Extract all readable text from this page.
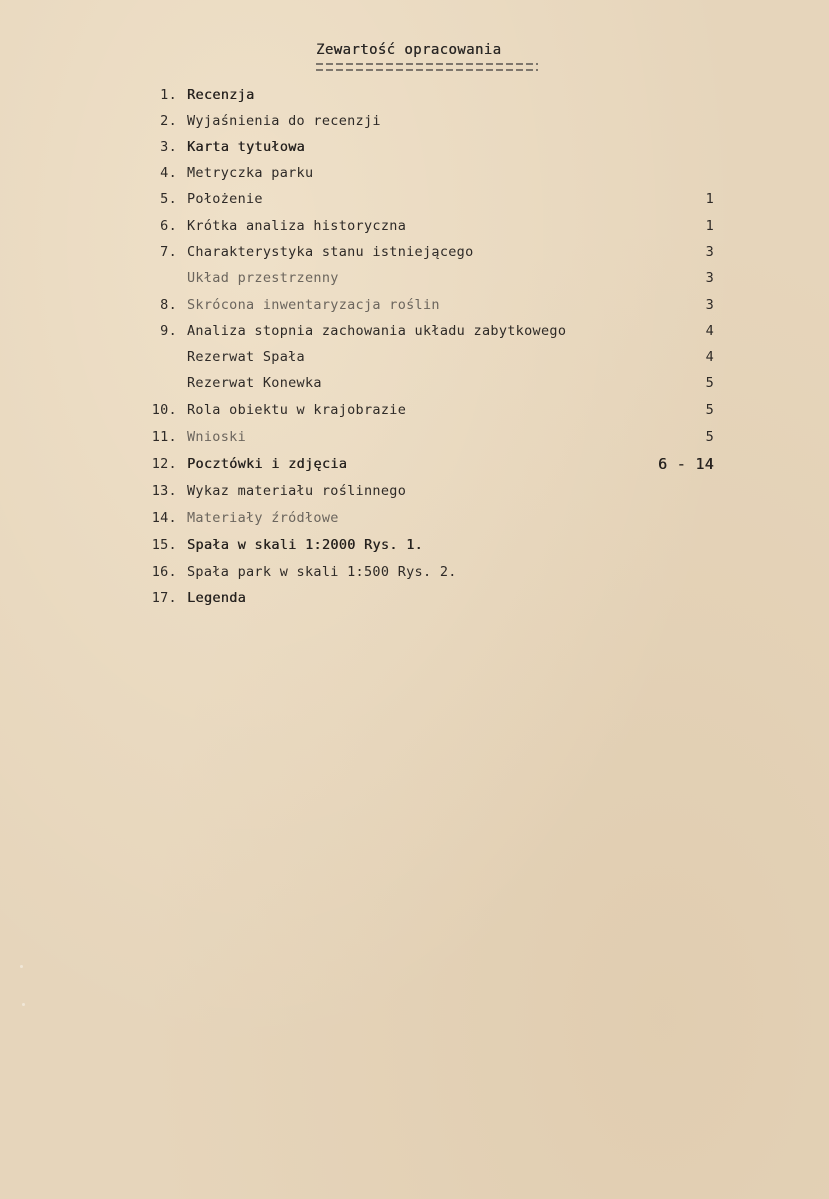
Zewartość opracowania
1. Recenzja
2. Wyjaśnienia do recenzji
3. Karta tytułowa
4. Metryczka parku
5. Położenie	1
6. Krótka analiza historyczna	1
7. Charakterystyka stanu istniejącego	3
Układ przestrzenny	3
8. Skrócona inwentaryzacja roślin	3
9. Analiza stopnia zachowania układu zabytkowego	4
Rezerwat Spała	4
Rezerwat Konewka	5
10. Rola obiektu w krajobrazie	5
11. Wnioski	5
12. Pocztówki i zdjęcia	6 - 14
13. Wykaz materiału roślinnego
14. Materiały źródłowe
15. Spała w skali 1:2000 Rys. 1.
16. Spała park w skali 1:500 Rys. 2.
17. Legenda
